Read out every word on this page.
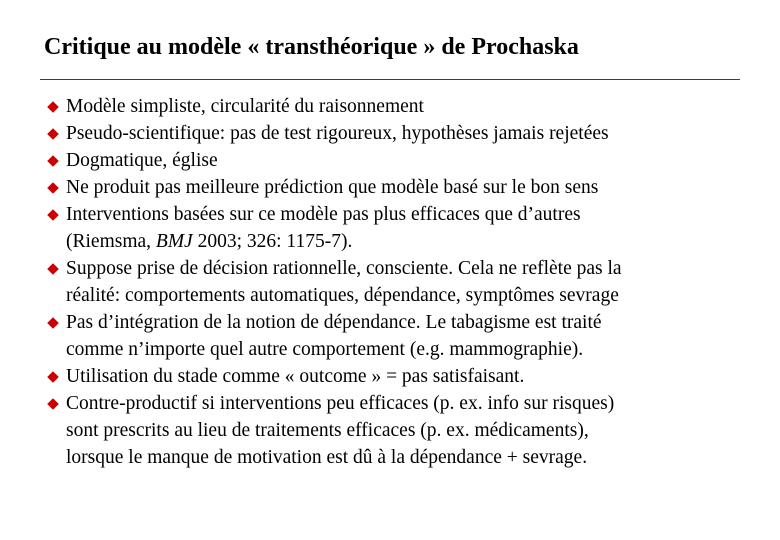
Critique au modèle « transthéorique » de Prochaska
Modèle simpliste, circularité du raisonnement
Pseudo-scientifique: pas de test rigoureux, hypothèses jamais rejetées
Dogmatique, église
Ne produit pas meilleure prédiction que modèle basé sur le bon sens
Interventions basées sur ce modèle pas plus efficaces que d’autres
(Riemsma, BMJ 2003; 326: 1175-7).
Suppose prise de décision rationnelle, consciente. Cela ne reflète pas la
réalité: comportements automatiques, dépendance, symptômes sevrage
Pas d’intégration de la notion de dépendance. Le tabagisme est traité
comme n’importe quel autre comportement (e.g. mammographie).
Utilisation du stade comme « outcome » = pas satisfaisant.
Contre-productif si interventions peu efficaces (p. ex. info sur risques)
sont prescrits au lieu de traitements efficaces (p. ex. médicaments),
lorsque le manque de motivation est dû à la dépendance + sevrage.
